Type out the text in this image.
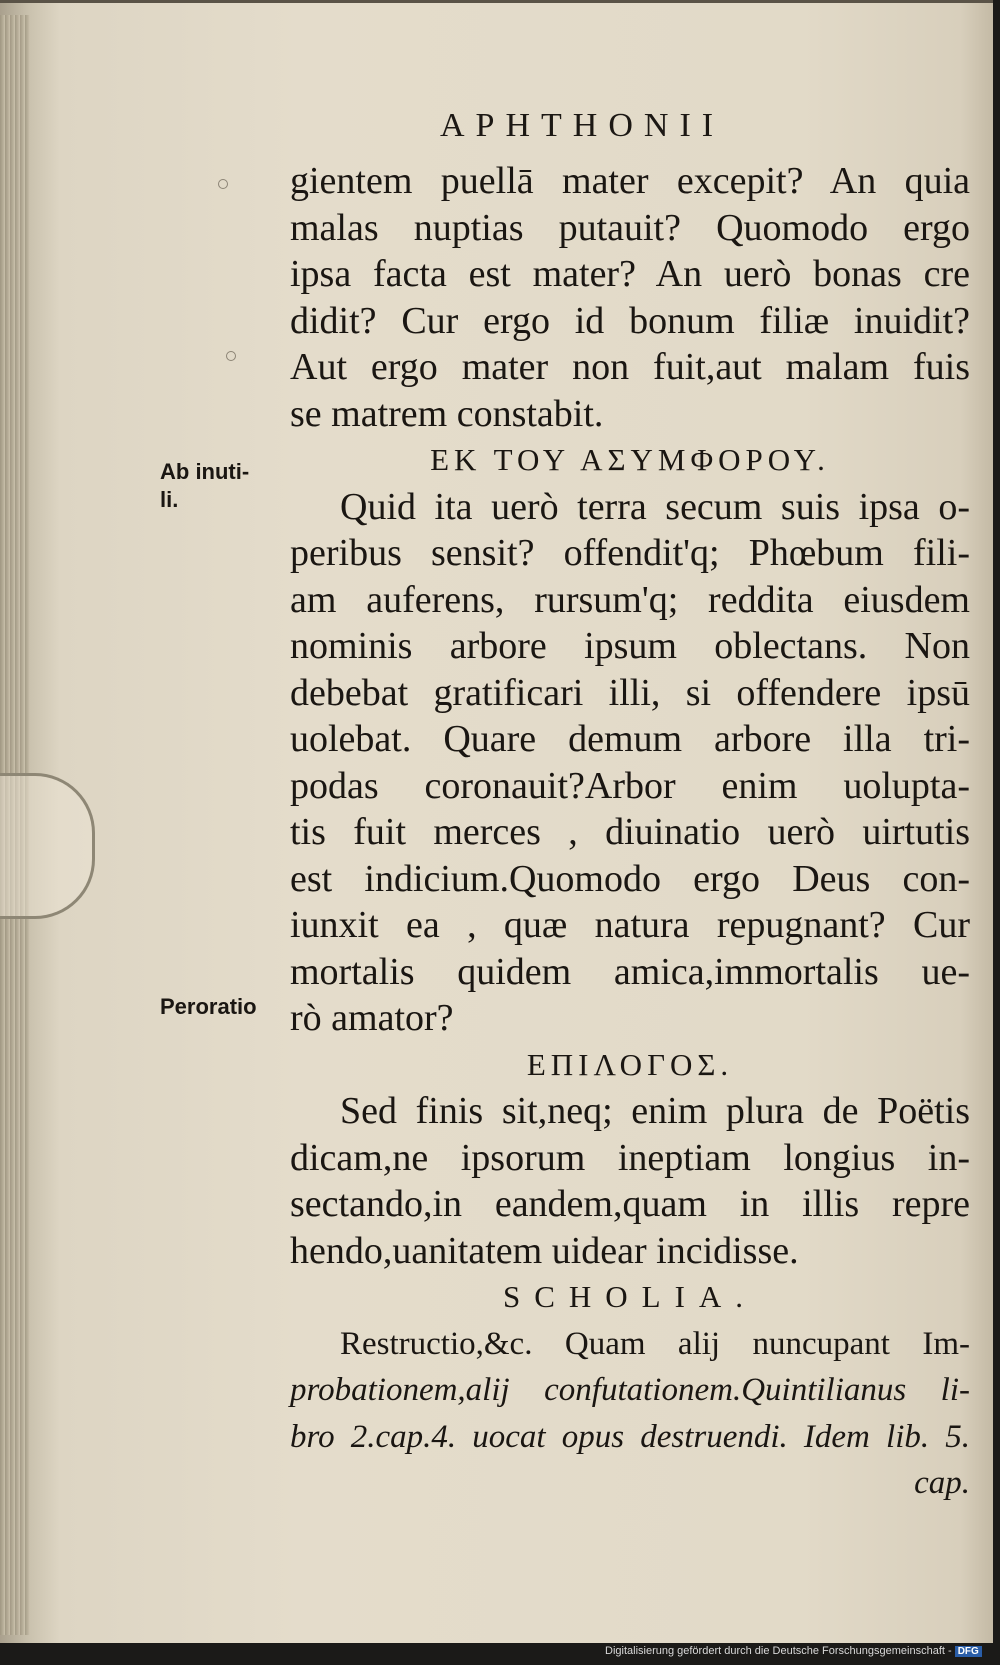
APHTHONII
Ab inuti-
li.
Peroratio
gientem puellā mater excepit? An quia
malas nuptias putauit? Quomodo ergo
ipsa facta est mater? An uerò bonas cre
didit? Cur ergo id bonum filiæ inuidit?
Aut ergo mater non fuit,aut malam fuis
se matrem constabit.
ΕΚ ΤΟΥ ΑΣΥΜΦΟΡΟΥ.
Quid ita uerò terra secum suis ipsa o-
peribus sensit? offendit'q; Phœbum fili-
am auferens, rursum'q; reddita eiusdem
nominis arbore ipsum oblectans. Non
debebat gratificari illi, si offendere ipsū
uolebat. Quare demum arbore illa tri-
podas coronauit?Arbor enim uolupta-
tis fuit merces , diuinatio uerò uirtutis
est indicium.Quomodo ergo Deus con-
iunxit ea , quæ natura repugnant? Cur
mortalis quidem amica,immortalis ue-
rò amator?
ΕΠΙΛΟΓΟΣ.
Sed finis sit,neq; enim plura de Poëtis
dicam,ne ipsorum ineptiam longius in-
sectando,in eandem,quam in illis repre
hendo,uanitatem uidear incidisse.
SCHOLIA.
Restructio,&c. Quam alij nuncupant Im-
probationem,alij confutationem.Quintilianus li-
bro 2.cap.4. uocat opus destruendi. Idem lib. 5.
cap.
Digitalisierung gefördert durch die Deutsche Forschungsgemeinschaft - DFG
